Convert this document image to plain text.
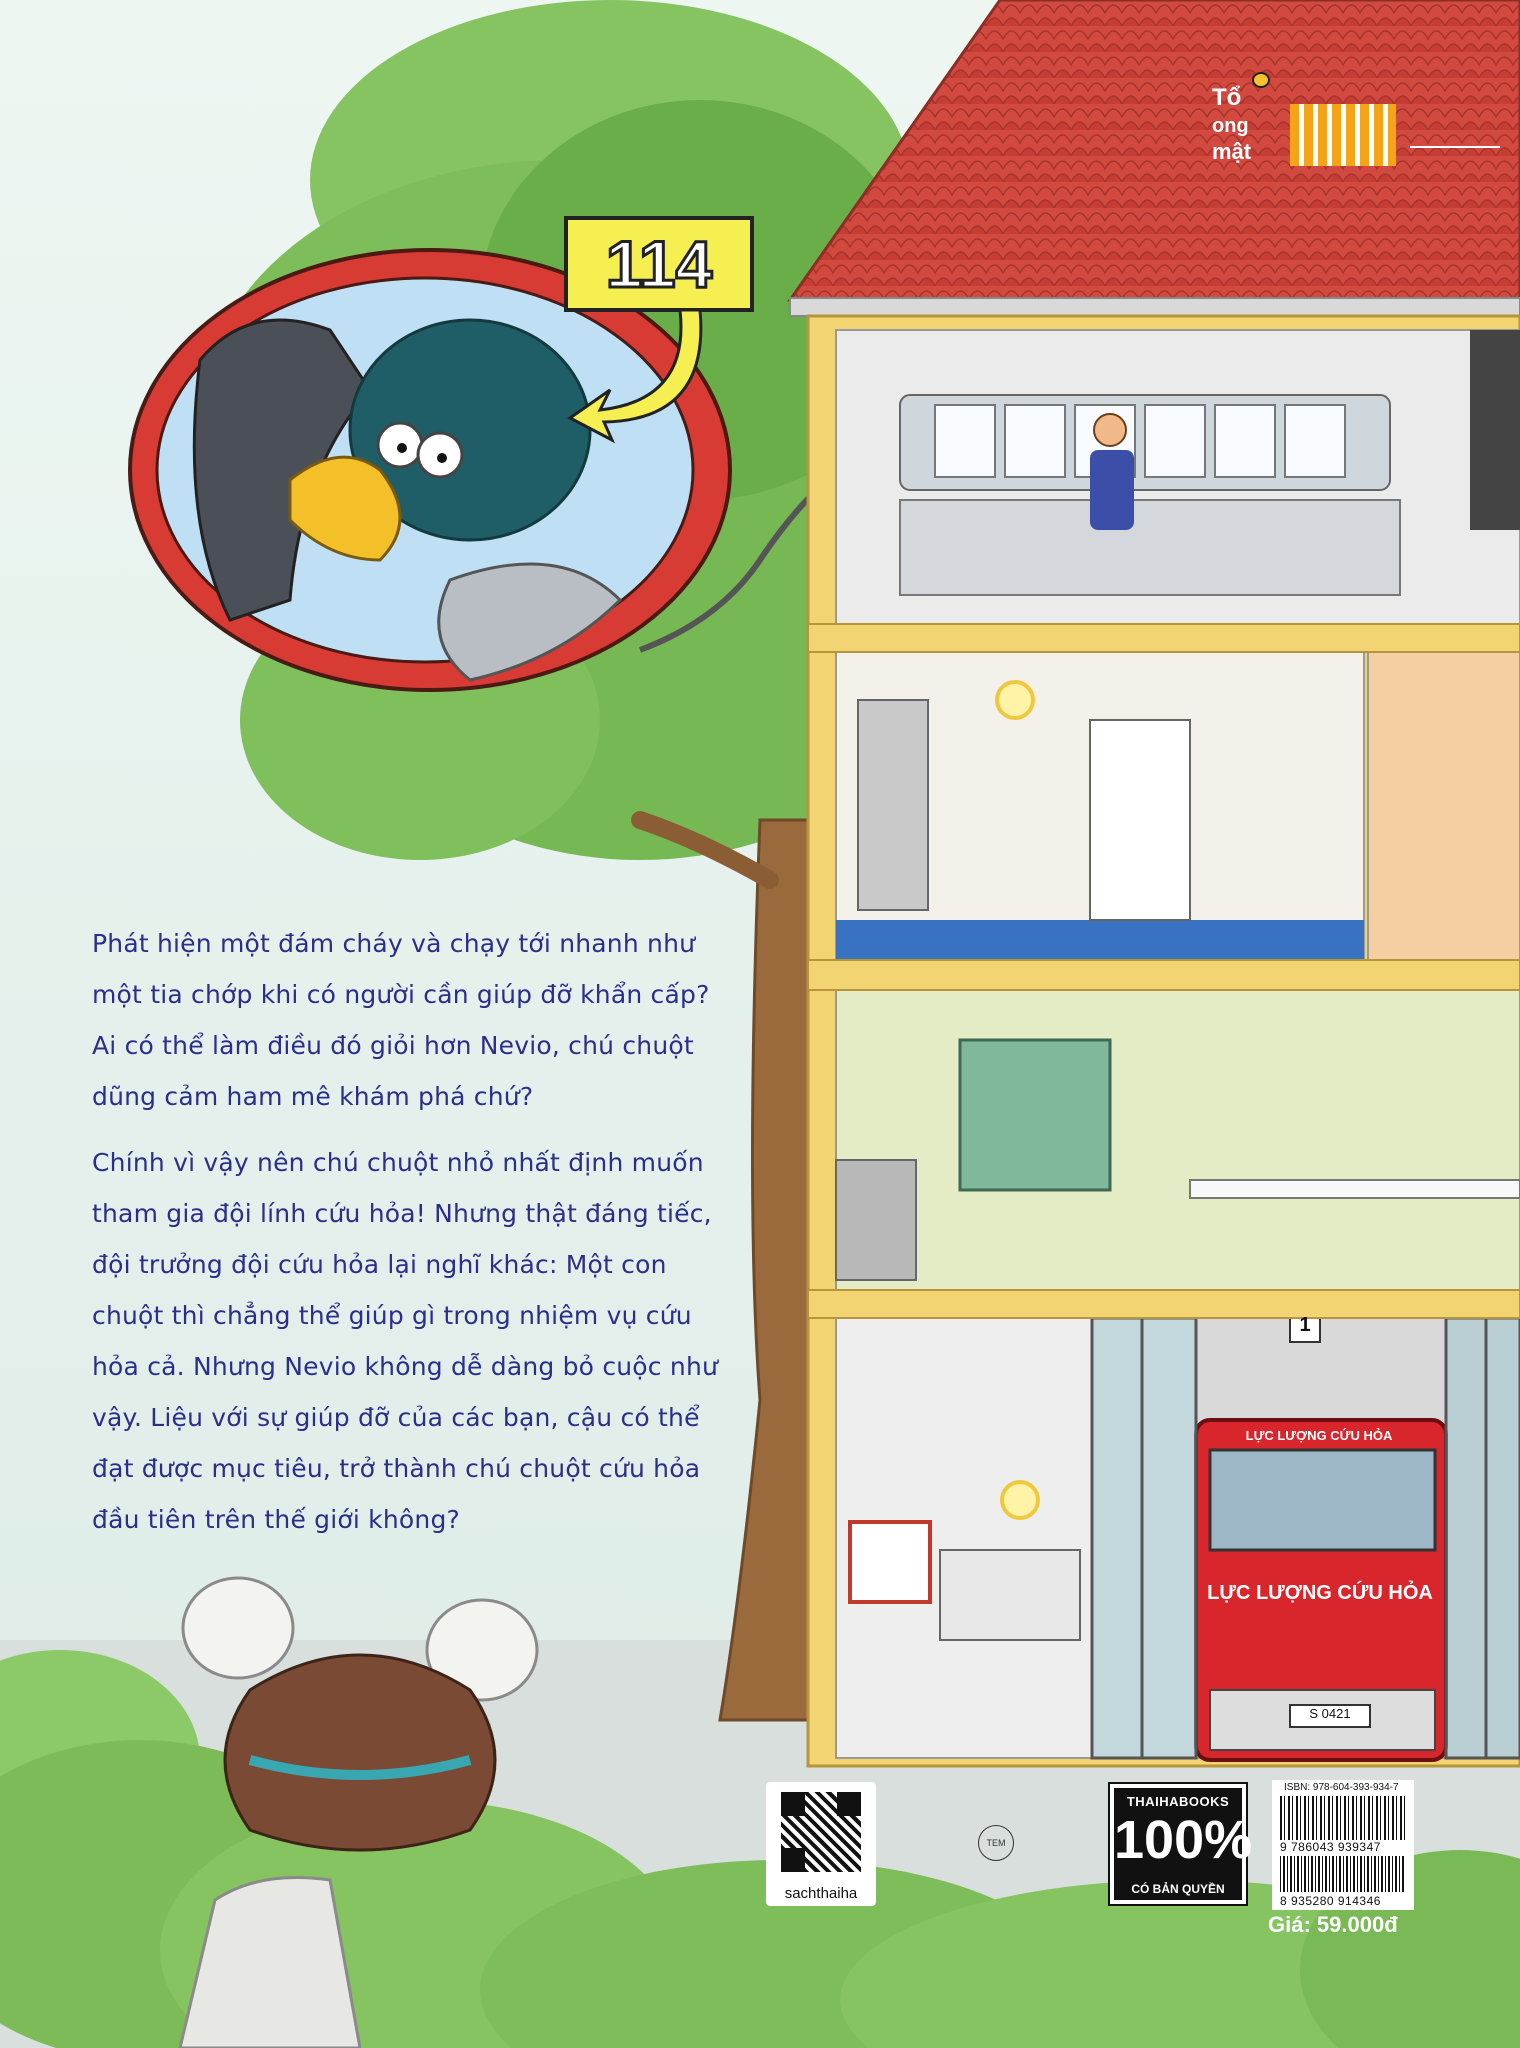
Tổ
ong
mật
114
1
LỰC LƯỢNG CỨU HỎA
LỰC LƯỢNG CỨU HỎA
S 0421

Phát hiện một đám cháy và chạy tới nhanh như một tia chớp khi có người cần giúp đỡ khẩn cấp? Ai có thể làm điều đó giỏi hơn Nevio, chú chuột dũng cảm ham mê khám phá chứ?

Chính vì vậy nên chú chuột nhỏ nhất định muốn tham gia đội lính cứu hỏa! Nhưng thật đáng tiếc, đội trưởng đội cứu hỏa lại nghĩ khác: Một con chuột thì chẳng thể giúp gì trong nhiệm vụ cứu hỏa cả. Nhưng Nevio không dễ dàng bỏ cuộc như vậy. Liệu với sự giúp đỡ của các bạn, cậu có thể đạt được mục tiêu, trở thành chú chuột cứu hỏa đầu tiên trên thế giới không?

sachthaiha
TEM
THAIHABOOKS
100%
CÓ BẢN QUYỀN
ISBN: 978-604-393-934-7
9 786043 939347
8 935280 914346
Giá: 59.000đ
